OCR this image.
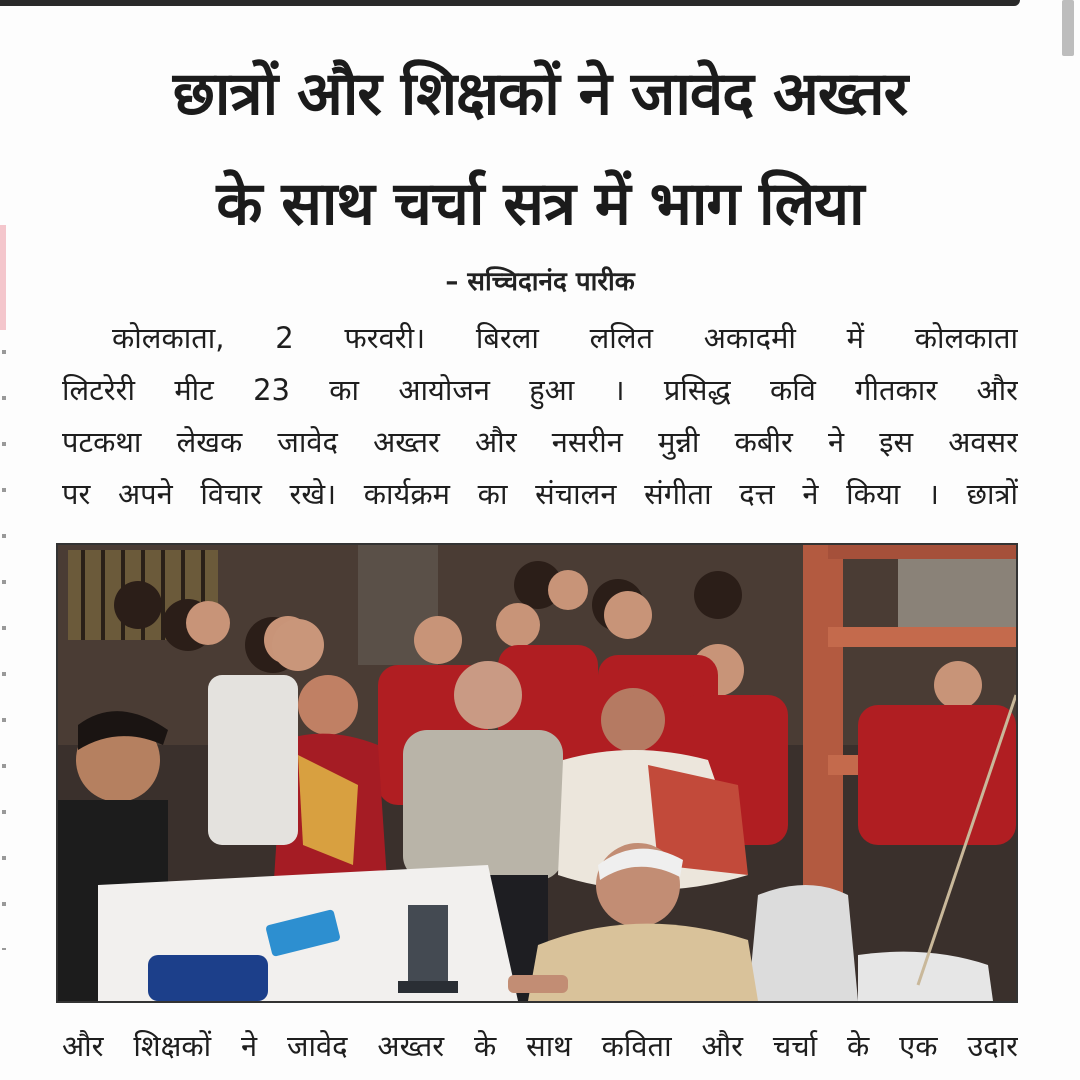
छात्रों और शिक्षकों ने जावेद अख्तर
के साथ चर्चा सत्र में भाग लिया
– सच्चिदानंद पारीक
कोलकाता, 2 फरवरी। बिरला ललित अकादमी में कोलकाता
लिटरेरी मीट 23 का आयोजन हुआ । प्रसिद्ध कवि गीतकार और
पटकथा लेखक जावेद अख्तर और नसरीन मुन्नी कबीर ने इस अवसर
पर अपने विचार रखे। कार्यक्रम का संचालन संगीता दत्त ने किया । छात्रों
और शिक्षकों ने जावेद अख्तर के साथ कविता और चर्चा के एक उदार
